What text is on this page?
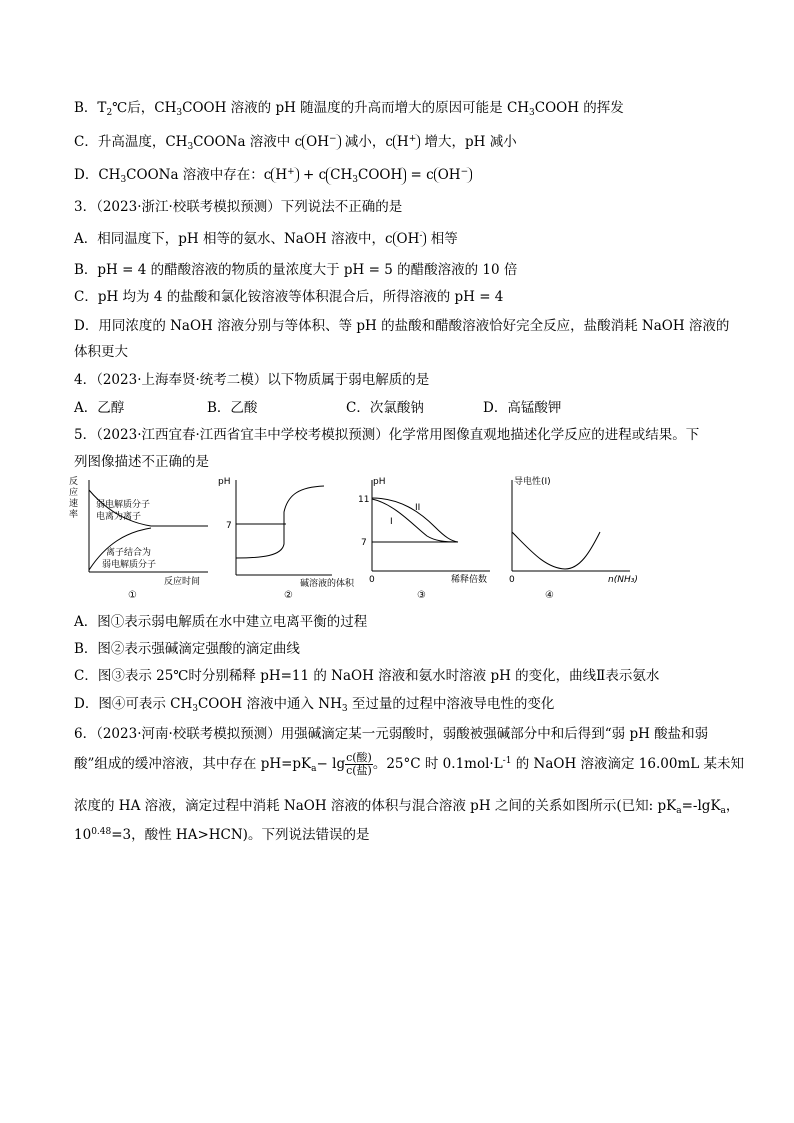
B．$T_2℃$后，$CH_3COOH$ 溶液的 pH 随温度的升高而增大的原因可能是 $CH_3COOH$ 的挥发
C．升高温度，$CH_3COONa$ 溶液中 c OH− 减小，c H+ 增大，pH 减小
D．$CH_3COONa$ 溶液中存在：c H+ + c $CH_3COOH = c$ OH−
3．（2023·浙江·校联考模拟预测）下列说法不正确的是
A．相同温度下，pH 相等的氨水、NaOH 溶液中，c OH- 相等
B．pH = 4 的醋酸溶液的物质的量浓度大于 pH = 5 的醋酸溶液的 10 倍
C．pH 均为 4 的盐酸和氯化铵溶液等体积混合后，所得溶液的 pH = 4
D．用同浓度的 NaOH 溶液分别与等体积、等 pH 的盐酸和醋酸溶液恰好完全反应，盐酸消耗 NaOH 溶液的
体积更大
4．（2023·上海奉贤·统考二模）以下物质属于弱电解质的是
A．乙醇	B．乙酸	C．次氯酸钠	D．高锰酸钾
5．（2023·江西宜春·江西省宜丰中学校考模拟预测）化学常用图像直观地描述化学反应的进程或结果。下
列图像描述不正确的是
反
应
速
率
弱电解质分子
电离为离子
离子结合为
弱电解质分子
反应时间
①
pH
7
碱溶液的体积
②
pH
11
7
0
I
II
稀释倍数
③
导电性(I)
0	n(NH₃)
④
A．图①表示弱电解质在水中建立电离平衡的过程
B．图②表示强碱滴定强酸的滴定曲线
C．图③表示 25℃时分别稀释 pH=11 的 NaOH 溶液和氨水时溶液 pH 的变化，曲线Ⅱ表示氨水
D．图④可表示 $CH_3COOH$ 溶液中通入 $NH_3$ 至过量的过程中溶液导电性的变化
6．（2023·河南·校联考模拟预测）用强碱滴定某一元弱酸时，弱酸被强碱部分中和后得到“弱 pH 酸盐和弱
酸”组成的缓冲溶液，其中存在 $pH=pK_a- \lg \frac{\text{c(酸)}}{\text{c(盐)}}$ 。25°C 时 $0.1mol\cdot L^{-1}$ 的 NaOH 溶液滴定 16.00mL 某未知
浓度的 HA 溶液，滴定过程中消耗 NaOH 溶液的体积与混合溶液 pH 之间的关系如图所示(已知: $pK_a=-\lg K_a$，
$10^{0.48}=3$，酸性 HA>HCN)。下列说法错误的是
